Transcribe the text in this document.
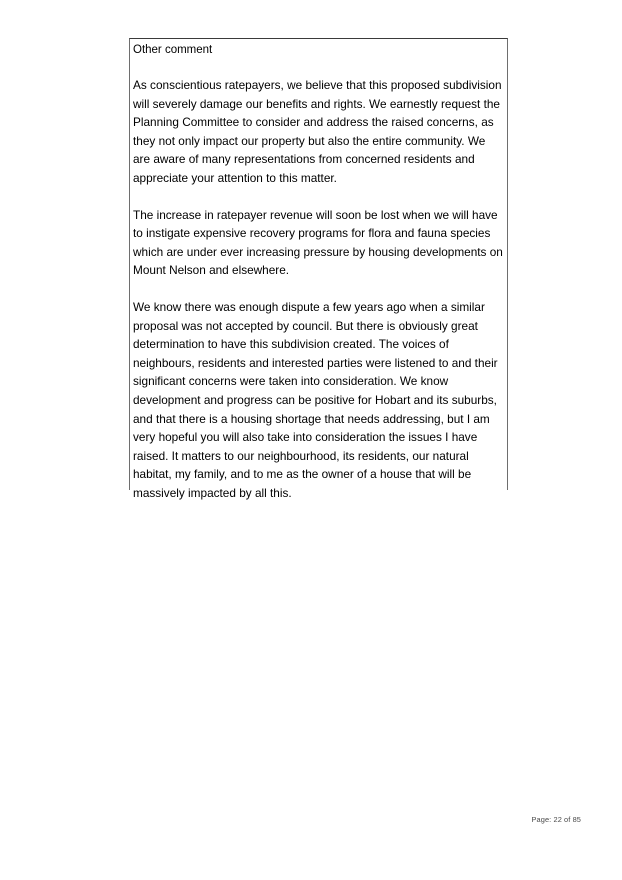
Other comment

As conscientious ratepayers, we believe that this proposed subdivision will severely damage our benefits and rights. We earnestly request the Planning Committee to consider and address the raised concerns, as they not only impact our property but also the entire community. We are aware of many representations from concerned residents and appreciate your attention to this matter.

The increase in ratepayer revenue will soon be lost when we will have to instigate expensive recovery programs for flora and fauna species which are under ever increasing pressure by housing developments on Mount Nelson and elsewhere.

We know there was enough dispute a few years ago when a similar proposal was not accepted by council. But there is obviously great determination to have this subdivision created. The voices of neighbours, residents and interested parties were listened to and their significant concerns were taken into consideration. We know development and progress can be positive for Hobart and its suburbs, and that there is a housing shortage that needs addressing, but I am very hopeful you will also take into consideration the issues I have raised. It matters to our neighbourhood, its residents, our natural habitat, my family, and to me as the owner of a house that will be massively impacted by all this.

Page: 22 of 85
